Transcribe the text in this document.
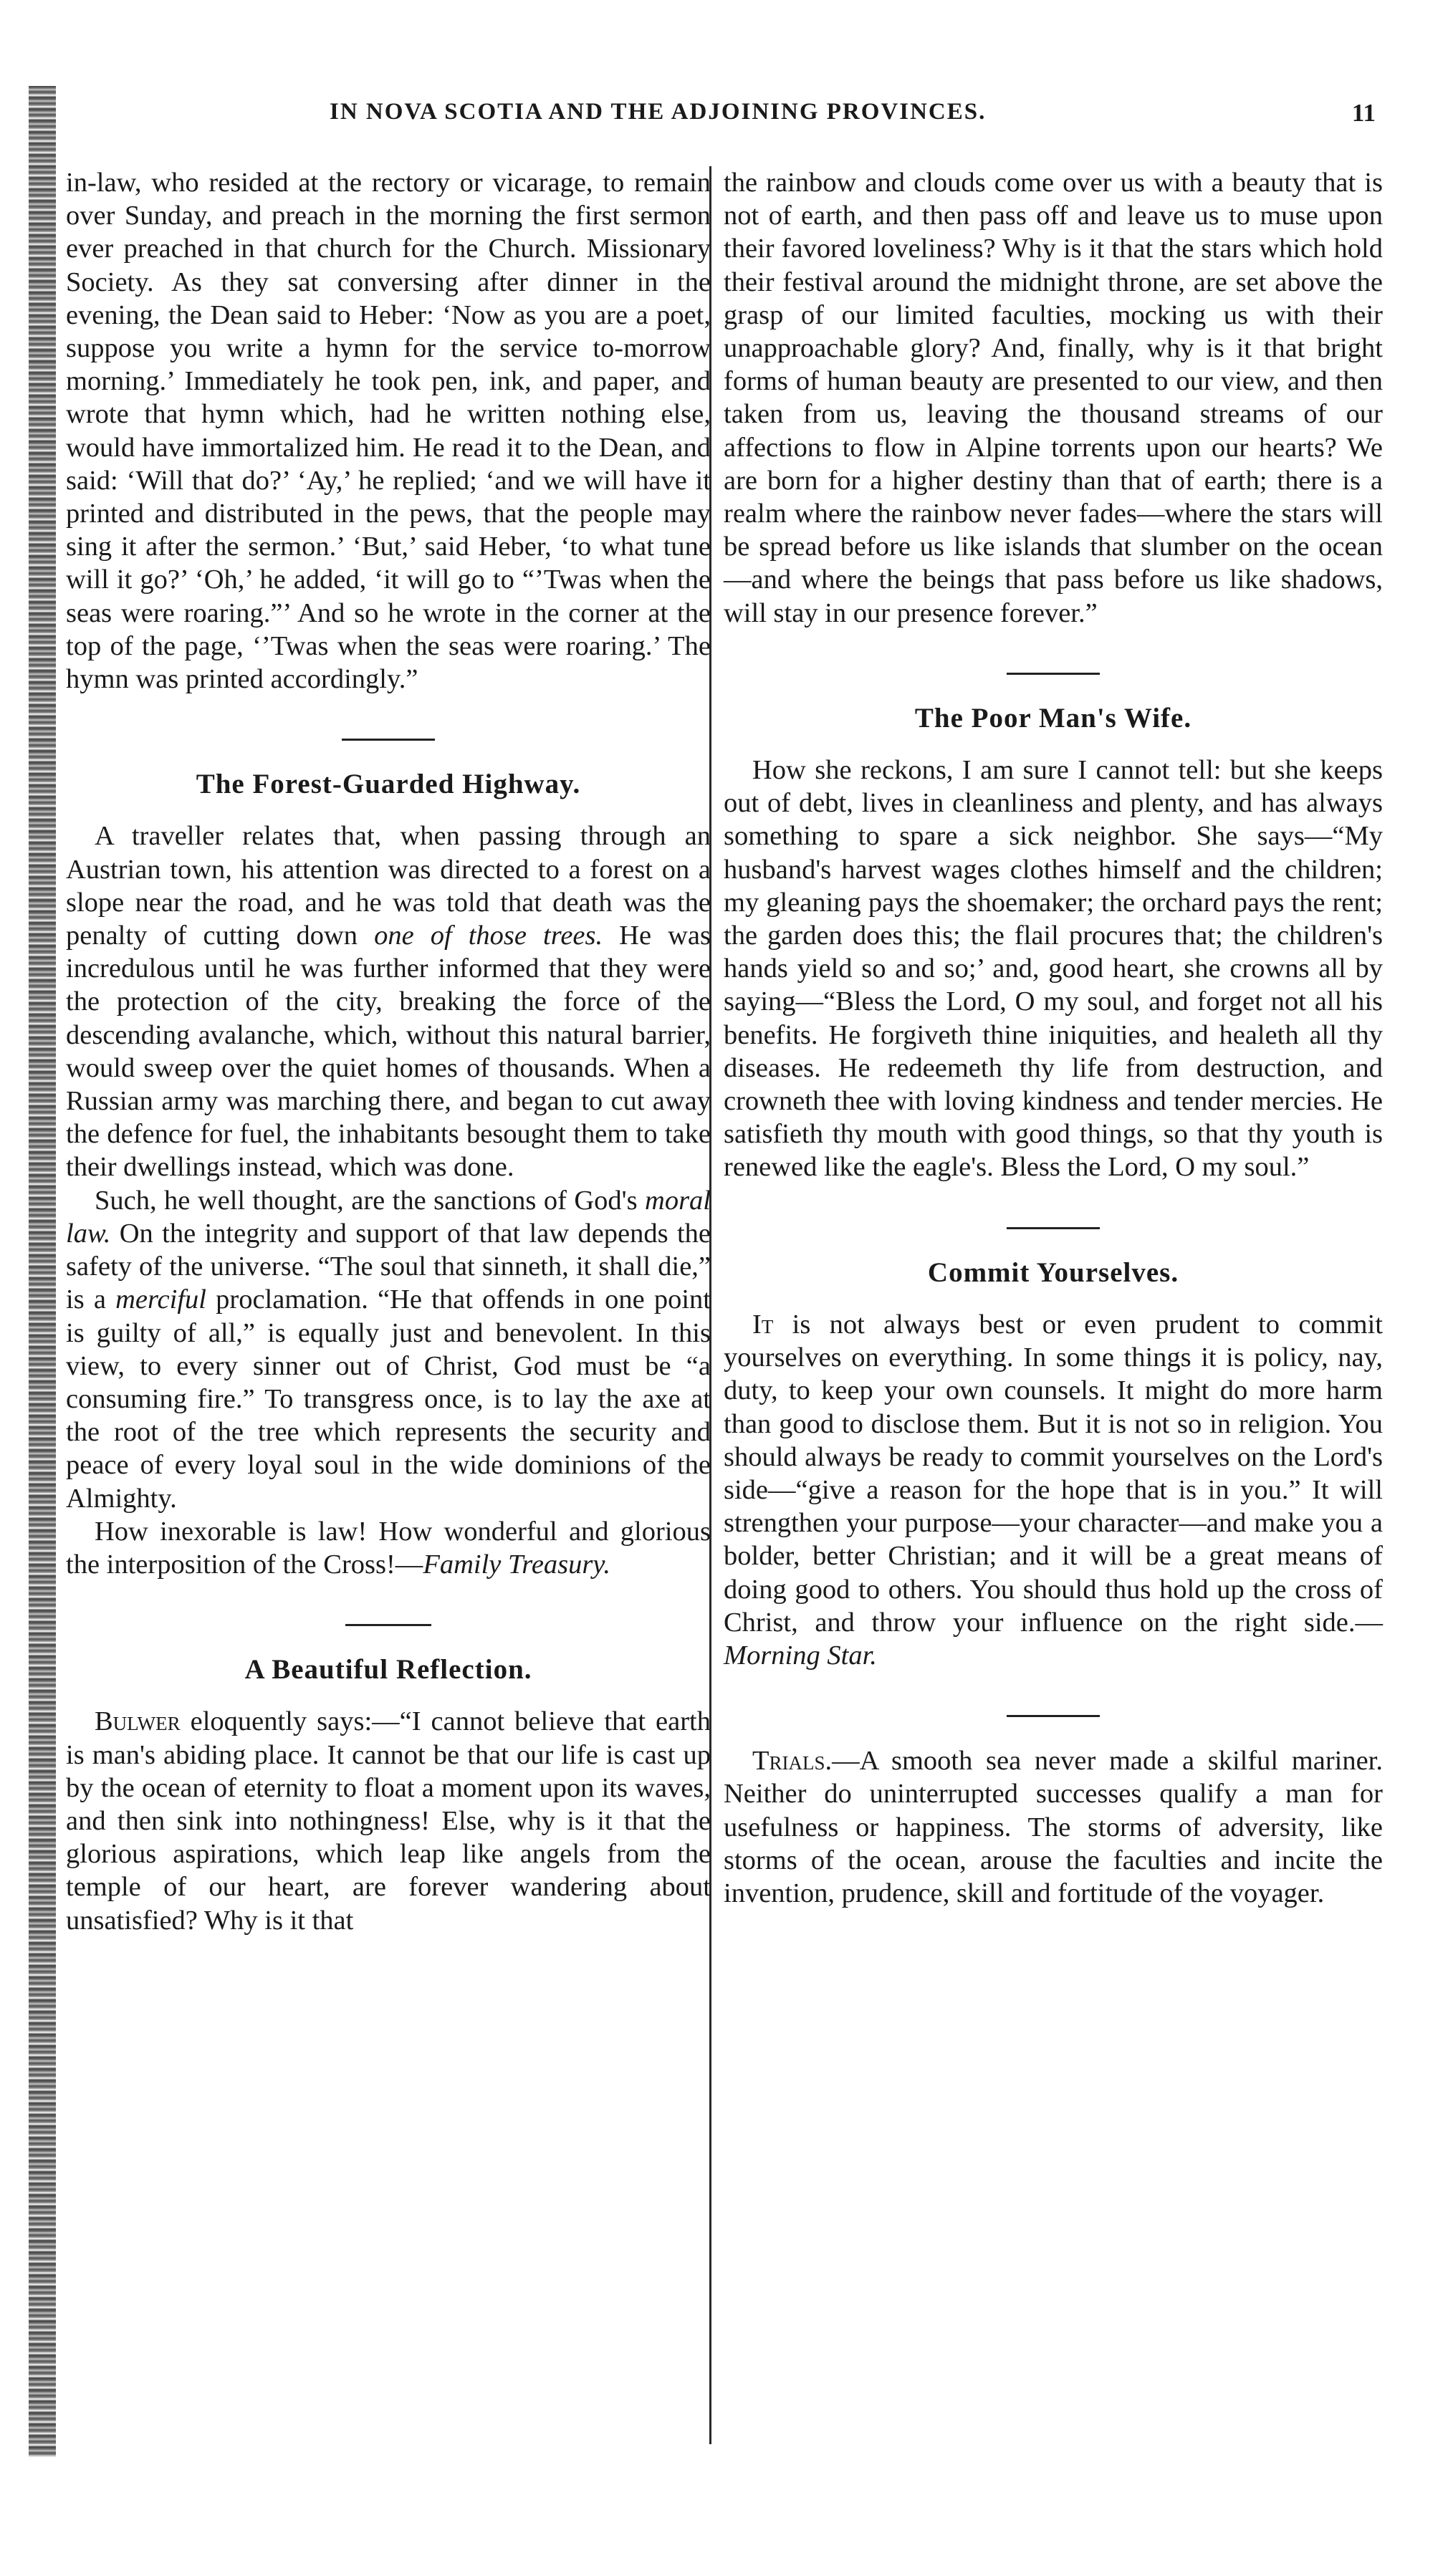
IN NOVA SCOTIA AND THE ADJOINING PROVINCES.	11

in-law, who resided at the rectory or vicarage, to remain over Sunday, and preach in the morning the first sermon ever preached in that church for the Church. Missionary Society. As they sat conversing after dinner in the evening, the Dean said to Heber: ‘Now as you are a poet, suppose you write a hymn for the service to-morrow morning.’ Immediately he took pen, ink, and paper, and wrote that hymn which, had he written nothing else, would have immortalized him. He read it to the Dean, and said: ‘Will that do?’ ‘Ay,’ he replied; ‘and we will have it printed and distributed in the pews, that the people may sing it after the sermon.’ ‘But,’ said Heber, ‘to what tune will it go?’ ‘Oh,’ he added, ‘it will go to “’Twas when the seas were roaring.”’ And so he wrote in the corner at the top of the page, ‘’Twas when the seas were roaring.’ The hymn was printed accordingly.”

The Forest-Guarded Highway.

A traveller relates that, when passing through an Austrian town, his attention was directed to a forest on a slope near the road, and he was told that death was the penalty of cutting down one of those trees. He was incredulous until he was further informed that they were the protection of the city, breaking the force of the descending avalanche, which, without this natural barrier, would sweep over the quiet homes of thousands. When a Russian army was marching there, and began to cut away the defence for fuel, the inhabitants besought them to take their dwellings instead, which was done.

Such, he well thought, are the sanctions of God's moral law. On the integrity and support of that law depends the safety of the universe. “The soul that sinneth, it shall die,” is a merciful proclamation. “He that offends in one point is guilty of all,” is equally just and benevolent. In this view, to every sinner out of Christ, God must be “a consuming fire.” To transgress once, is to lay the axe at the root of the tree which represents the security and peace of every loyal soul in the wide dominions of the Almighty.

How inexorable is law! How wonderful and glorious the interposition of the Cross!—Family Treasury.

A Beautiful Reflection.

Bulwer eloquently says:—“I cannot believe that earth is man's abiding place. It cannot be that our life is cast up by the ocean of eternity to float a moment upon its waves, and then sink into nothingness! Else, why is it that the glorious aspirations, which leap like angels from the temple of our heart, are forever wandering about unsatisfied? Why is it that

the rainbow and clouds come over us with a beauty that is not of earth, and then pass off and leave us to muse upon their favored loveliness? Why is it that the stars which hold their festival around the midnight throne, are set above the grasp of our limited faculties, mocking us with their unapproachable glory? And, finally, why is it that bright forms of human beauty are presented to our view, and then taken from us, leaving the thousand streams of our affections to flow in Alpine torrents upon our hearts? We are born for a higher destiny than that of earth; there is a realm where the rainbow never fades—where the stars will be spread before us like islands that slumber on the ocean—and where the beings that pass before us like shadows, will stay in our presence forever.”

The Poor Man's Wife.

How she reckons, I am sure I cannot tell: but she keeps out of debt, lives in cleanliness and plenty, and has always something to spare a sick neighbor. She says—“My husband's harvest wages clothes himself and the children; my gleaning pays the shoemaker; the orchard pays the rent; the garden does this; the flail procures that; the children's hands yield so and so;’ and, good heart, she crowns all by saying—“Bless the Lord, O my soul, and forget not all his benefits. He forgiveth thine iniquities, and healeth all thy diseases. He redeemeth thy life from destruction, and crowneth thee with loving kindness and tender mercies. He satisfieth thy mouth with good things, so that thy youth is renewed like the eagle's. Bless the Lord, O my soul.”

Commit Yourselves.

It is not always best or even prudent to commit yourselves on everything. In some things it is policy, nay, duty, to keep your own counsels. It might do more harm than good to disclose them. But it is not so in religion. You should always be ready to commit yourselves on the Lord's side—“give a reason for the hope that is in you.” It will strengthen your purpose—your character—and make you a bolder, better Christian; and it will be a great means of doing good to others. You should thus hold up the cross of Christ, and throw your influence on the right side.—Morning Star.

Trials.—A smooth sea never made a skilful mariner. Neither do uninterrupted successes qualify a man for usefulness or happiness. The storms of adversity, like storms of the ocean, arouse the faculties and incite the invention, prudence, skill and fortitude of the voyager.
